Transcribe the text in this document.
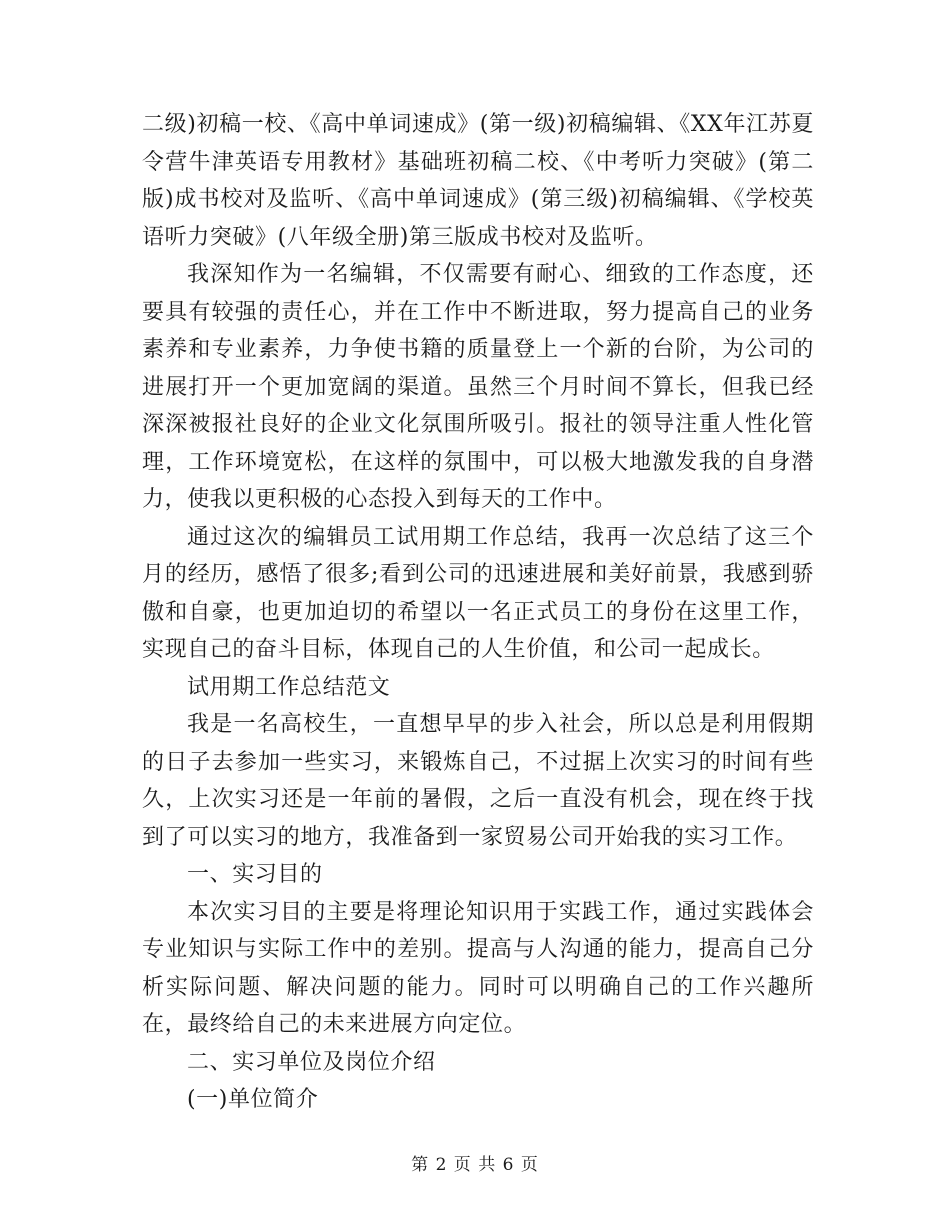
二级)初稿一校、《高中单词速成》(第一级)初稿编辑、《XX年江苏夏令营牛津英语专用教材》基础班初稿二校、《中考听力突破》(第二版)成书校对及监听、《高中单词速成》(第三级)初稿编辑、《学校英语听力突破》(八年级全册)第三版成书校对及监听。

我深知作为一名编辑，不仅需要有耐心、细致的工作态度，还要具有较强的责任心，并在工作中不断进取，努力提高自己的业务素养和专业素养，力争使书籍的质量登上一个新的台阶，为公司的进展打开一个更加宽阔的渠道。虽然三个月时间不算长，但我已经深深被报社良好的企业文化氛围所吸引。报社的领导注重人性化管理，工作环境宽松，在这样的氛围中，可以极大地激发我的自身潜力，使我以更积极的心态投入到每天的工作中。

通过这次的编辑员工试用期工作总结，我再一次总结了这三个月的经历，感悟了很多;看到公司的迅速进展和美好前景，我感到骄傲和自豪，也更加迫切的希望以一名正式员工的身份在这里工作，实现自己的奋斗目标，体现自己的人生价值，和公司一起成长。

试用期工作总结范文

我是一名高校生，一直想早早的步入社会，所以总是利用假期的日子去参加一些实习，来锻炼自己，不过据上次实习的时间有些久，上次实习还是一年前的暑假，之后一直没有机会，现在终于找到了可以实习的地方，我准备到一家贸易公司开始我的实习工作。

一、实习目的

本次实习目的主要是将理论知识用于实践工作，通过实践体会专业知识与实际工作中的差别。提高与人沟通的能力，提高自己分析实际问题、解决问题的能力。同时可以明确自己的工作兴趣所在，最终给自己的未来进展方向定位。

二、实习单位及岗位介绍

(一)单位简介

第 2 页 共 6 页
